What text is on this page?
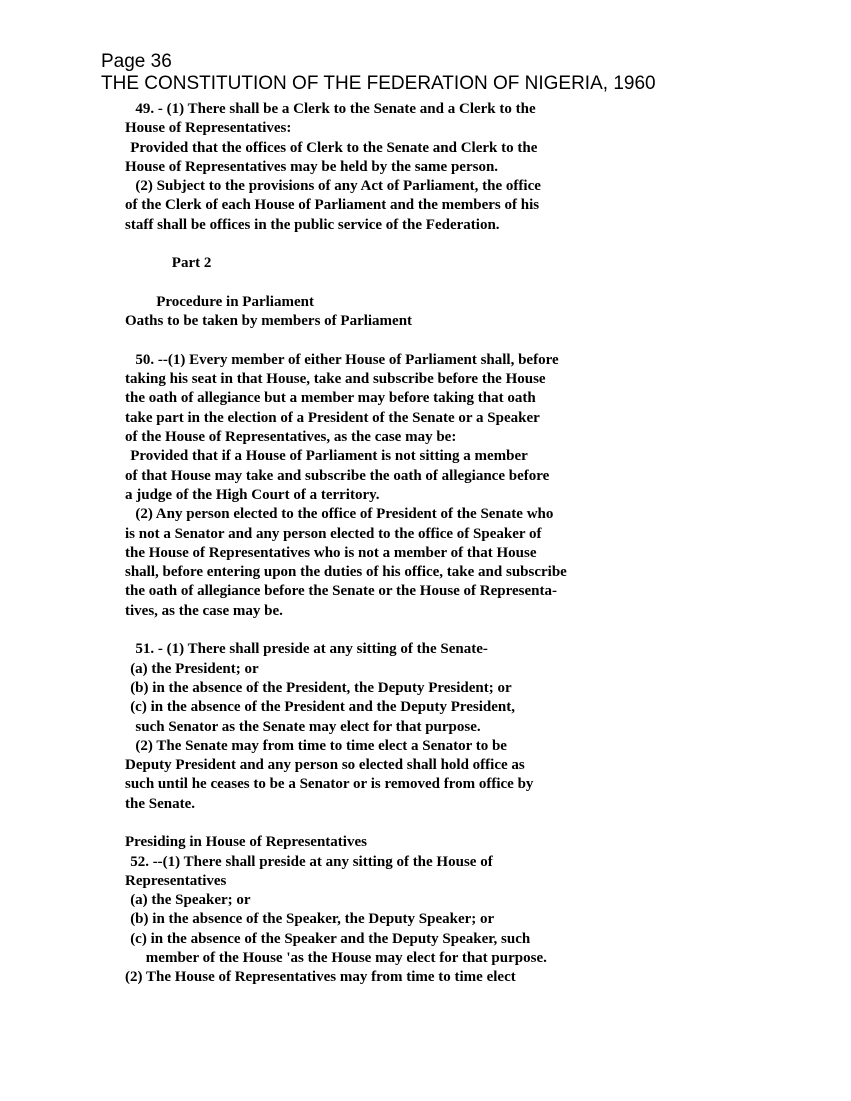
Page 36
THE CONSTITUTION OF THE FEDERATION OF NIGERIA, 1960
49. - (1) There shall be a Clerk to the Senate and a Clerk to the
House of Representatives:
Provided that the offices of Clerk to the Senate and Clerk to the
House of Representatives may be held by the same person.
(2) Subject to the provisions of any Act of Parliament, the office
of the Clerk of each House of Parliament and the members of his
staff shall be offices in the public service of the Federation.
Part 2
Procedure in Parliament
Oaths to be taken by members of Parliament
50. --(1) Every member of either House of Parliament shall, before
taking his seat in that House, take and subscribe before the House
the oath of allegiance but a member may before taking that oath
take part in the election of a President of the Senate or a Speaker
of the House of Representatives, as the case may be:
Provided that if a House of Parliament is not sitting a member
of that House may take and subscribe the oath of allegiance before
a judge of the High Court of a territory.
(2) Any person elected to the office of President of the Senate who
is not a Senator and any person elected to the office of Speaker of
the House of Representatives who is not a member of that House
shall, before entering upon the duties of his office, take and subscribe
the oath of allegiance before the Senate or the House of Representa-
tives, as the case may be.
51. - (1) There shall preside at any sitting of the Senate-
(a) the President; or
(b) in the absence of the President, the Deputy President; or
(c) in the absence of the President and the Deputy President,
such Senator as the Senate may elect for that purpose.
(2) The Senate may from time to time elect a Senator to be
Deputy President and any person so elected shall hold office as
such until he ceases to be a Senator or is removed from office by
the Senate.
Presiding in House of Representatives
52. --(1) There shall preside at any sitting of the House of
Representatives
(a) the Speaker; or
(b) in the absence of the Speaker, the Deputy Speaker; or
(c) in the absence of the Speaker and the Deputy Speaker, such
member of the House 'as the House may elect for that purpose.
(2) The House of Representatives may from time to time elect
